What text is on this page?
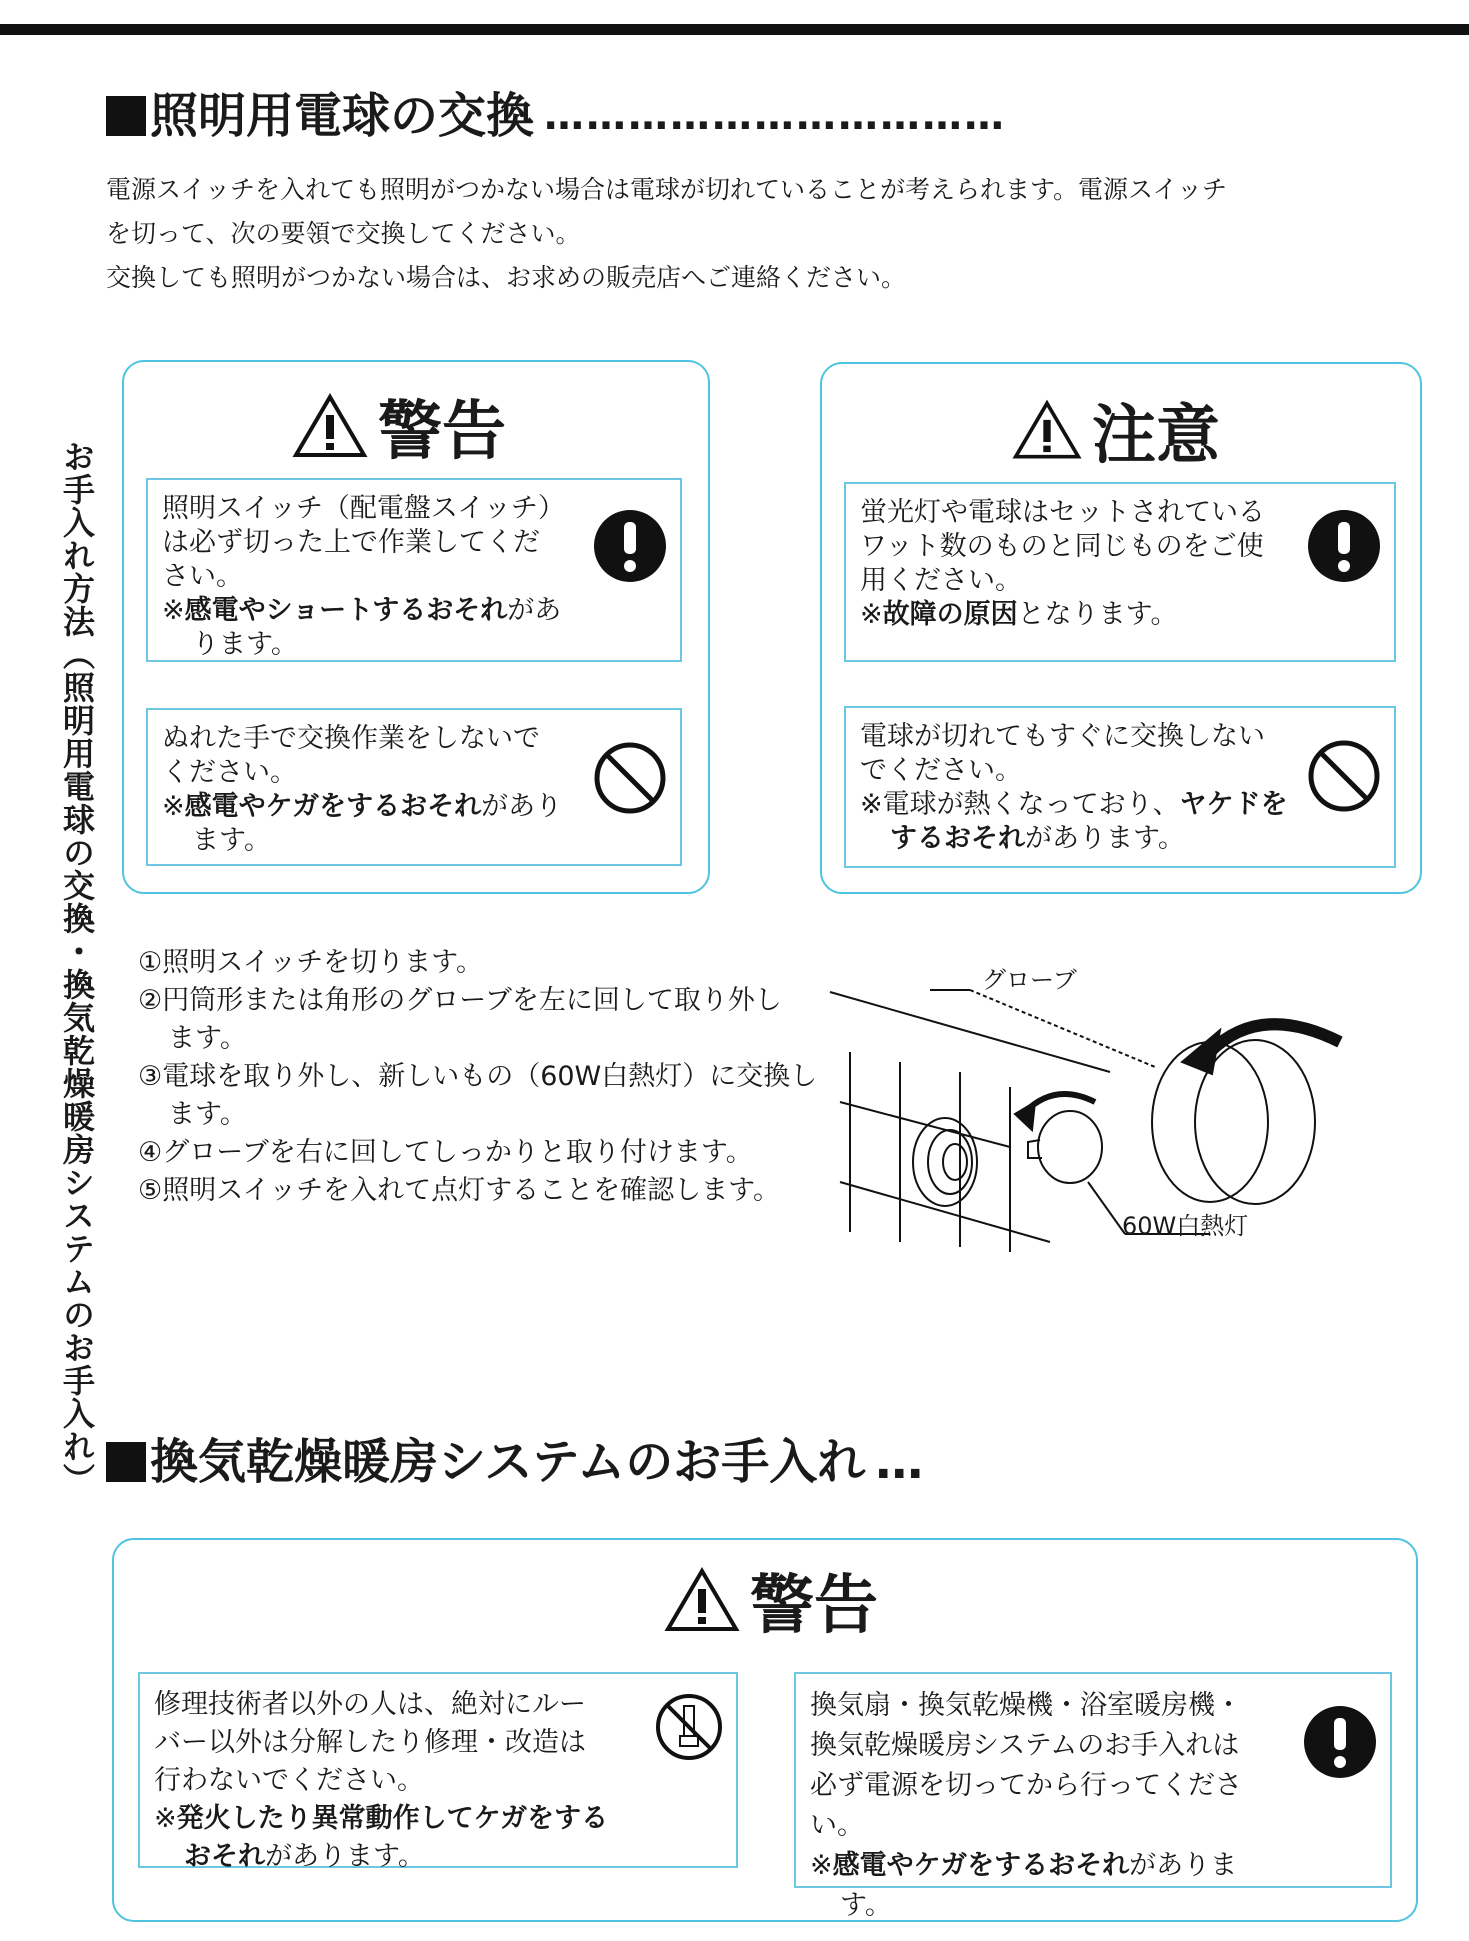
照明用電球の交換 ……………………………

電源スイッチを入れても照明がつかない場合は電球が切れていることが考えられます。電源スイッチ

を切って、次の要領で交換してください。

交換しても照明がつかない場合は、お求めの販売店へご連絡ください。

お手入れ方法（照明用電球の交換・換気乾燥暖房システムのお手入れ）
警告
照明スイッチ（配電盤スイッチ）は必ず切った上で作業してください。
※感電やショートするおそれがあります。
ぬれた手で交換作業をしないでください。
※感電やケガをするおそれがあります。
注意
蛍光灯や電球はセットされているワット数のものと同じものをご使用ください。
※故障の原因となります。
電球が切れてもすぐに交換しないでください。
※電球が熱くなっており、ヤケドをするおそれがあります。
①照明スイッチを切ります。
②円筒形または角形のグローブを左に回して取り外します。
③電球を取り外し、新しいもの（60W白熱灯）に交換します。
④グローブを右に回してしっかりと取り付けます。
⑤照明スイッチを入れて点灯することを確認します。
グローブ
60W白熱灯
換気乾燥暖房システムのお手入れ …
警告
修理技術者以外の人は、絶対にルーバー以外は分解したり修理・改造は行わないでください。
※発火したり異常動作してケガをするおそれがあります。
換気扇・換気乾燥機・浴室暖房機・換気乾燥暖房システムのお手入れは必ず電源を切ってから行ってください。
※感電やケガをするおそれがあります。
